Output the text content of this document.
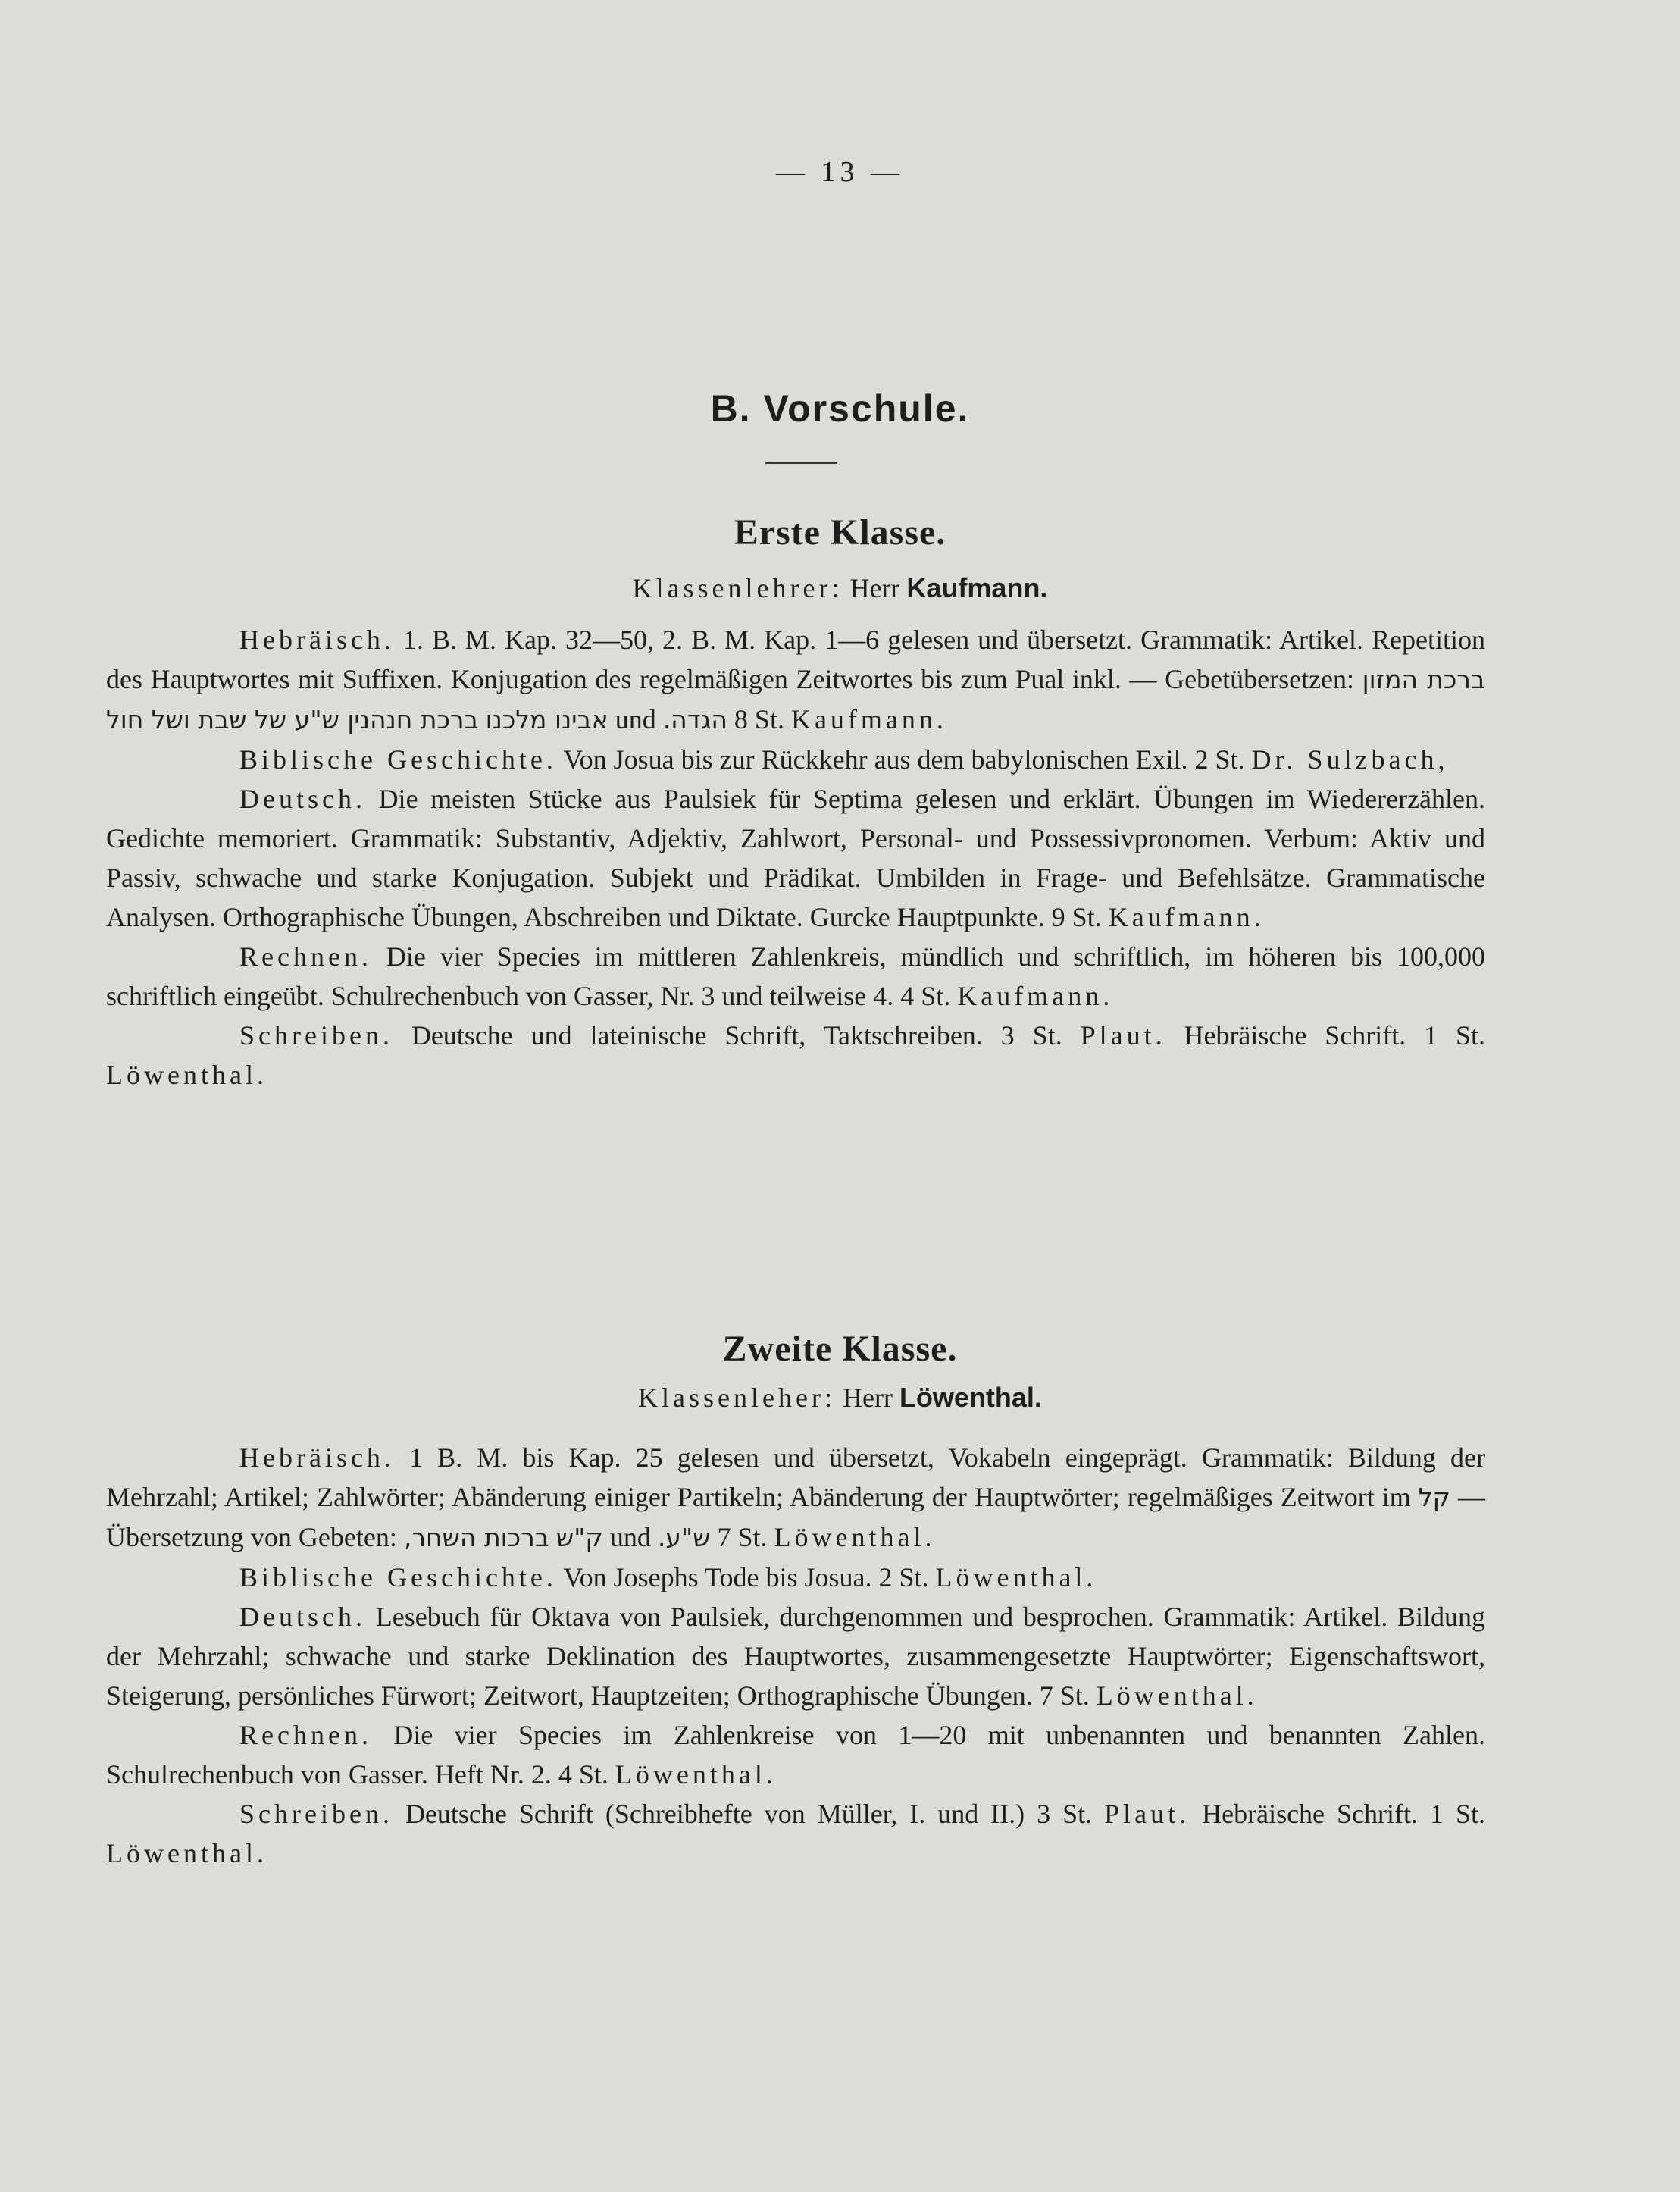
— 13 —
B. Vorschule.
Erste Klasse.
Klassenlehrer: Herr Kaufmann.

Hebräisch. 1. B. M. Kap. 32—50, 2. B. M. Kap. 1—6 gelesen und übersetzt. Grammatik: Artikel. Repetition des Hauptwortes mit Suffixen. Konjugation des regelmäßigen Zeitwortes bis zum Pual inkl. — Gebetübersetzen: ברכת המזון ברכת חנהנין ש"ע של שבת ושל חול אבינו מלכנו und הגדה. 8 St. Kaufmann.

Biblische Geschichte. Von Josua bis zur Rückkehr aus dem babylonischen Exil. 2 St. Dr. Sulzbach,

Deutsch. Die meisten Stücke aus Paulsiek für Septima gelesen und erklärt. Übungen im Wiedererzählen. Gedichte memoriert. Grammatik: Substantiv, Adjektiv, Zahlwort, Personal- und Possessivpronomen. Verbum: Aktiv und Passiv, schwache und starke Konjugation. Subjekt und Prädikat. Umbilden in Frage- und Befehlsätze. Grammatische Analysen. Orthographische Übungen, Abschreiben und Diktate. Gurcke Hauptpunkte. 9 St. Kaufmann.

Rechnen. Die vier Species im mittleren Zahlenkreis, mündlich und schriftlich, im höheren bis 100,000 schriftlich eingeübt. Schulrechenbuch von Gasser, Nr. 3 und teilweise 4. 4 St. Kaufmann.

Schreiben. Deutsche und lateinische Schrift, Taktschreiben. 3 St. Plaut. Hebräische Schrift. 1 St. Löwenthal.

Zweite Klasse.
Klassenleher: Herr Löwenthal.

Hebräisch. 1 B. M. bis Kap. 25 gelesen und übersetzt, Vokabeln eingeprägt. Grammatik: Bildung der Mehrzahl; Artikel; Zahlwörter; Abänderung einiger Partikeln; Abänderung der Hauptwörter; regelmäßiges Zeitwort im קל — Übersetzung von Gebeten: ברכות השחר, ק"ש und ש"ע. 7 St. Löwenthal.

Biblische Geschichte. Von Josephs Tode bis Josua. 2 St. Löwenthal.

Deutsch. Lesebuch für Oktava von Paulsiek, durchgenommen und besprochen. Grammatik: Artikel. Bildung der Mehrzahl; schwache und starke Deklination des Hauptwortes, zusammengesetzte Hauptwörter; Eigenschaftswort, Steigerung, persönliches Fürwort; Zeitwort, Hauptzeiten; Orthographische Übungen. 7 St. Löwenthal.

Rechnen. Die vier Species im Zahlenkreise von 1—20 mit unbenannten und benannten Zahlen. Schulrechenbuch von Gasser. Heft Nr. 2. 4 St. Löwenthal.

Schreiben. Deutsche Schrift (Schreibhefte von Müller, I. und II.) 3 St. Plaut. Hebräische Schrift. 1 St. Löwenthal.
